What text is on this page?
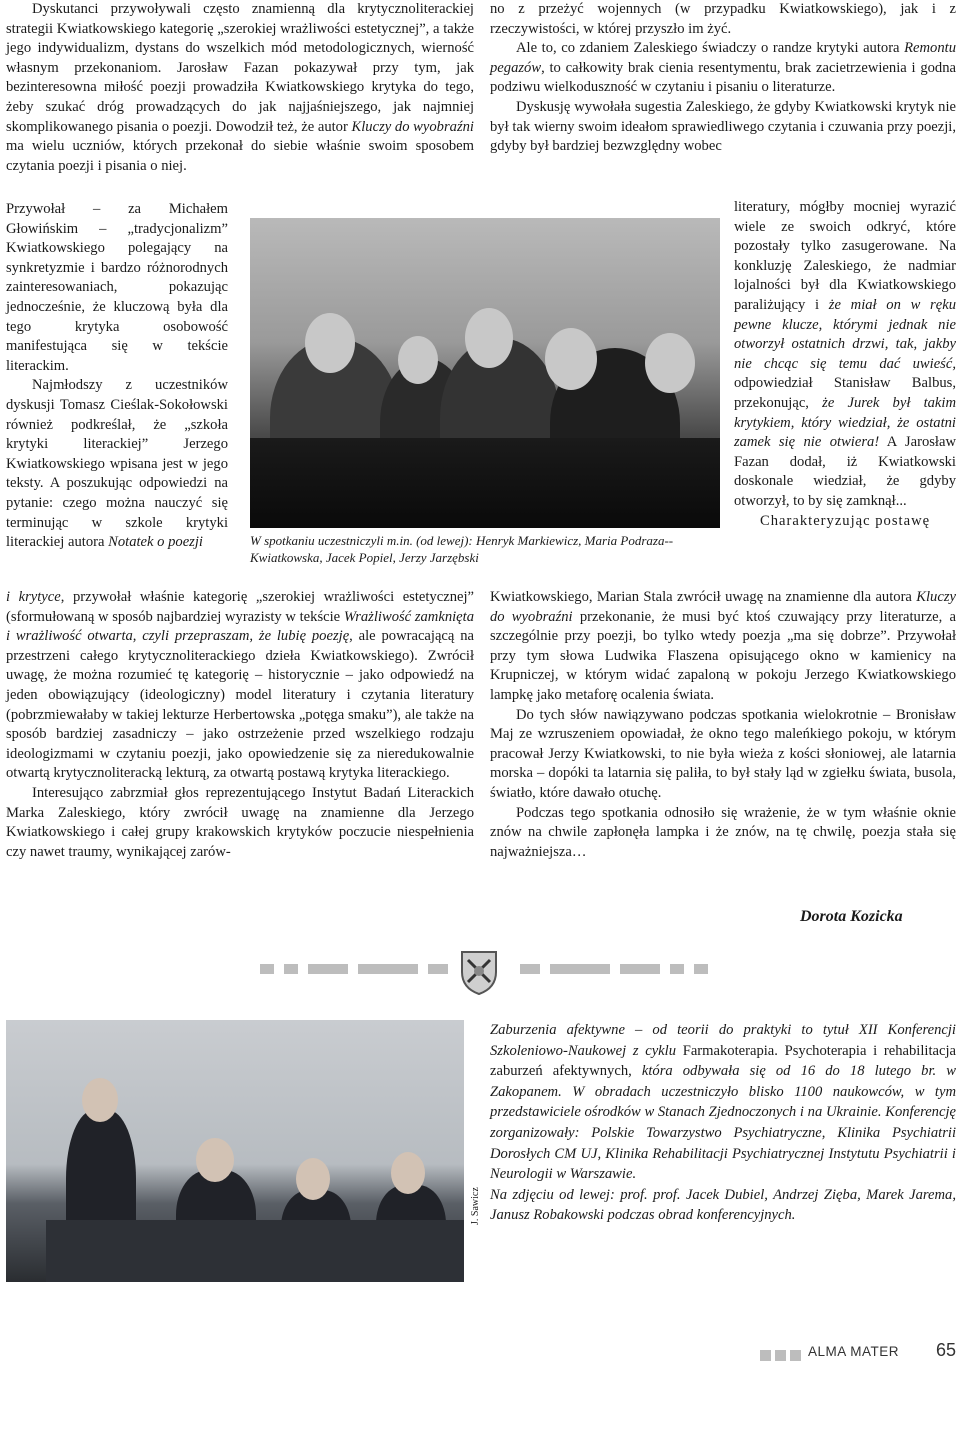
Dyskutanci przywoływali często znamienną dla krytycznoliterackiej strategii Kwiatkowskiego kategorię „szerokiej wrażliwości estetycznej”, a także jego indywidualizm, dystans do wszelkich mód metodologicznych, wierność własnym przekonaniom. Jarosław Fazan pokazywał przy tym, jak bezinteresowna miłość poezji prowadziła Kwiatkowskiego krytyka do tego, żeby szukać dróg prowadzących do jak najjaśniejszego, jak najmniej skomplikowanego pisania o poezji. Dowodził też, że autor Kluczy do wyobraźni ma wielu uczniów, których przekonał do siebie właśnie swoim sposobem czytania poezji i pisania o niej.

Przywołał – za Michałem Głowińskim – „tradycjonalizm” Kwiatkowskiego polegający na synkretyzmie i bardzo różnorodnych zainteresowaniach, pokazując jednocześnie, że kluczową była dla tego krytyka osobowość manifestująca się w tekście literackim.

Najmłodszy z uczestników dyskusji Tomasz Cieślak-Sokołowski również podkreślał, że „szkoła krytyki literackiej” Jerzego Kwiatkowskiego wpisana jest w jego teksty. A poszukując odpowiedzi na pytanie: czego można nauczyć się terminując w szkole krytyki literackiej autora Notatek o poezji

no z przeżyć wojennych (w przypadku Kwiatkowskiego), jak i z rzeczywistości, w której przyszło im żyć.

Ale to, co zdaniem Zaleskiego świadczy o randze krytyki autora Remontu pegazów, to całkowity brak cienia resentymentu, brak zacietrzewienia i godna podziwu wielkoduszność w czytaniu i pisaniu o literaturze.

Dyskusję wywołała sugestia Zaleskiego, że gdyby Kwiatkowski krytyk nie był tak wierny swoim ideałom sprawiedliwego czytania i czuwania przy poezji, gdyby był bardziej bezwzględny wobec

literatury, mógłby mocniej wyrazić wiele ze swoich odkryć, które pozostały tylko zasugerowane. Na konkluzję Zaleskiego, że nadmiar lojalności był dla Kwiatkowskiego paraliżujący i że miał on w ręku pewne klucze, którymi jednak nie otworzył ostatnich drzwi, tak, jakby nie chcąc się temu dać uwieść, odpowiedział Stanisław Balbus, przekonując, że Jurek był takim krytykiem, który wiedział, że ostatni zamek się nie otwiera! A Jarosław Fazan dodał, iż Kwiatkowski doskonale wiedział, że gdyby otworzył, to by się zamknął...

Charakteryzując postawę

W spotkaniu uczestniczyli m.in. (od lewej): Henryk Markiewicz, Maria Podraza--Kwiatkowska, Jacek Popiel, Jerzy Jarzębski

i krytyce, przywołał właśnie kategorię „szerokiej wrażliwości estetycznej” (sformułowaną w sposób najbardziej wyrazisty w tekście Wrażliwość zamknięta i wrażliwość otwarta, czyli przepraszam, że lubię poezję, ale powracającą na przestrzeni całego krytycznoliterackiego dzieła Kwiatkowskiego). Zwrócił uwagę, że można rozumieć tę kategorię – historycznie – jako odpowiedź na jeden obowiązujący (ideologiczny) model literatury i czytania literatury (pobrzmiewałaby w takiej lekturze Herbertowska „potęga smaku”), ale także na sposób bardziej zasadniczy – jako ostrzeżenie przed wszelkiego rodzaju ideologizmami w czytaniu poezji, jako opowiedzenie się za nieredukowalnie otwartą krytycznoliteracką lekturą, za otwartą postawą krytyka literackiego.

Interesująco zabrzmiał głos reprezentującego Instytut Badań Literackich Marka Zaleskiego, który zwrócił uwagę na znamienne dla Jerzego Kwiatkowskiego i całej grupy krakowskich krytyków poczucie niespełnienia czy nawet traumy, wynikającej zarów-

Kwiatkowskiego, Marian Stala zwrócił uwagę na znamienne dla autora Kluczy do wyobraźni przekonanie, że musi być ktoś czuwający przy literaturze, a szczególnie przy poezji, bo tylko wtedy poezja „ma się dobrze”. Przywołał przy tym słowa Ludwika Flaszena opisującego okno w kamienicy na Krupniczej, w którym widać zapaloną w pokoju Jerzego Kwiatkowskiego lampkę jako metaforę ocalenia świata.

Do tych słów nawiązywano podczas spotkania wielokrotnie – Bronisław Maj ze wzruszeniem opowiadał, że okno tego maleńkiego pokoju, w którym pracował Jerzy Kwiatkowski, to nie była wieża z kości słoniowej, ale latarnia morska – dopóki ta latarnia się paliła, to był stały ląd w zgiełku świata, busola, światło, które dawało otuchę.

Podczas tego spotkania odnosiło się wrażenie, że w tym właśnie oknie znów na chwile zapłonęła lampka i że znów, na tę chwilę, poezja stała się najważniejsza…

Dorota Kozicka
J. Sawicz

Zaburzenia afektywne – od teorii do praktyki to tytuł XII Konferencji Szkoleniowo-Naukowej z cyklu Farmakoterapia. Psychoterapia i rehabilitacja zaburzeń afektywnych, która odbywała się od 16 do 18 lutego br. w Zakopanem. W obradach uczestniczyło blisko 1100 naukowców, w tym przedstawiciele ośrodków w Stanach Zjednoczonych i na Ukrainie. Konferencję zorganizowały: Polskie Towarzystwo Psychiatryczne, Klinika Psychiatrii Dorosłych CM UJ, Klinika Rehabilitacji Psychiatrycznej Instytutu Psychiatrii i Neurologii w Warszawie.

Na zdjęciu od lewej: prof. prof. Jacek Dubiel, Andrzej Zięba, Marek Jarema, Janusz Robakowski podczas obrad konferencyjnych.

ALMA MATER 65
